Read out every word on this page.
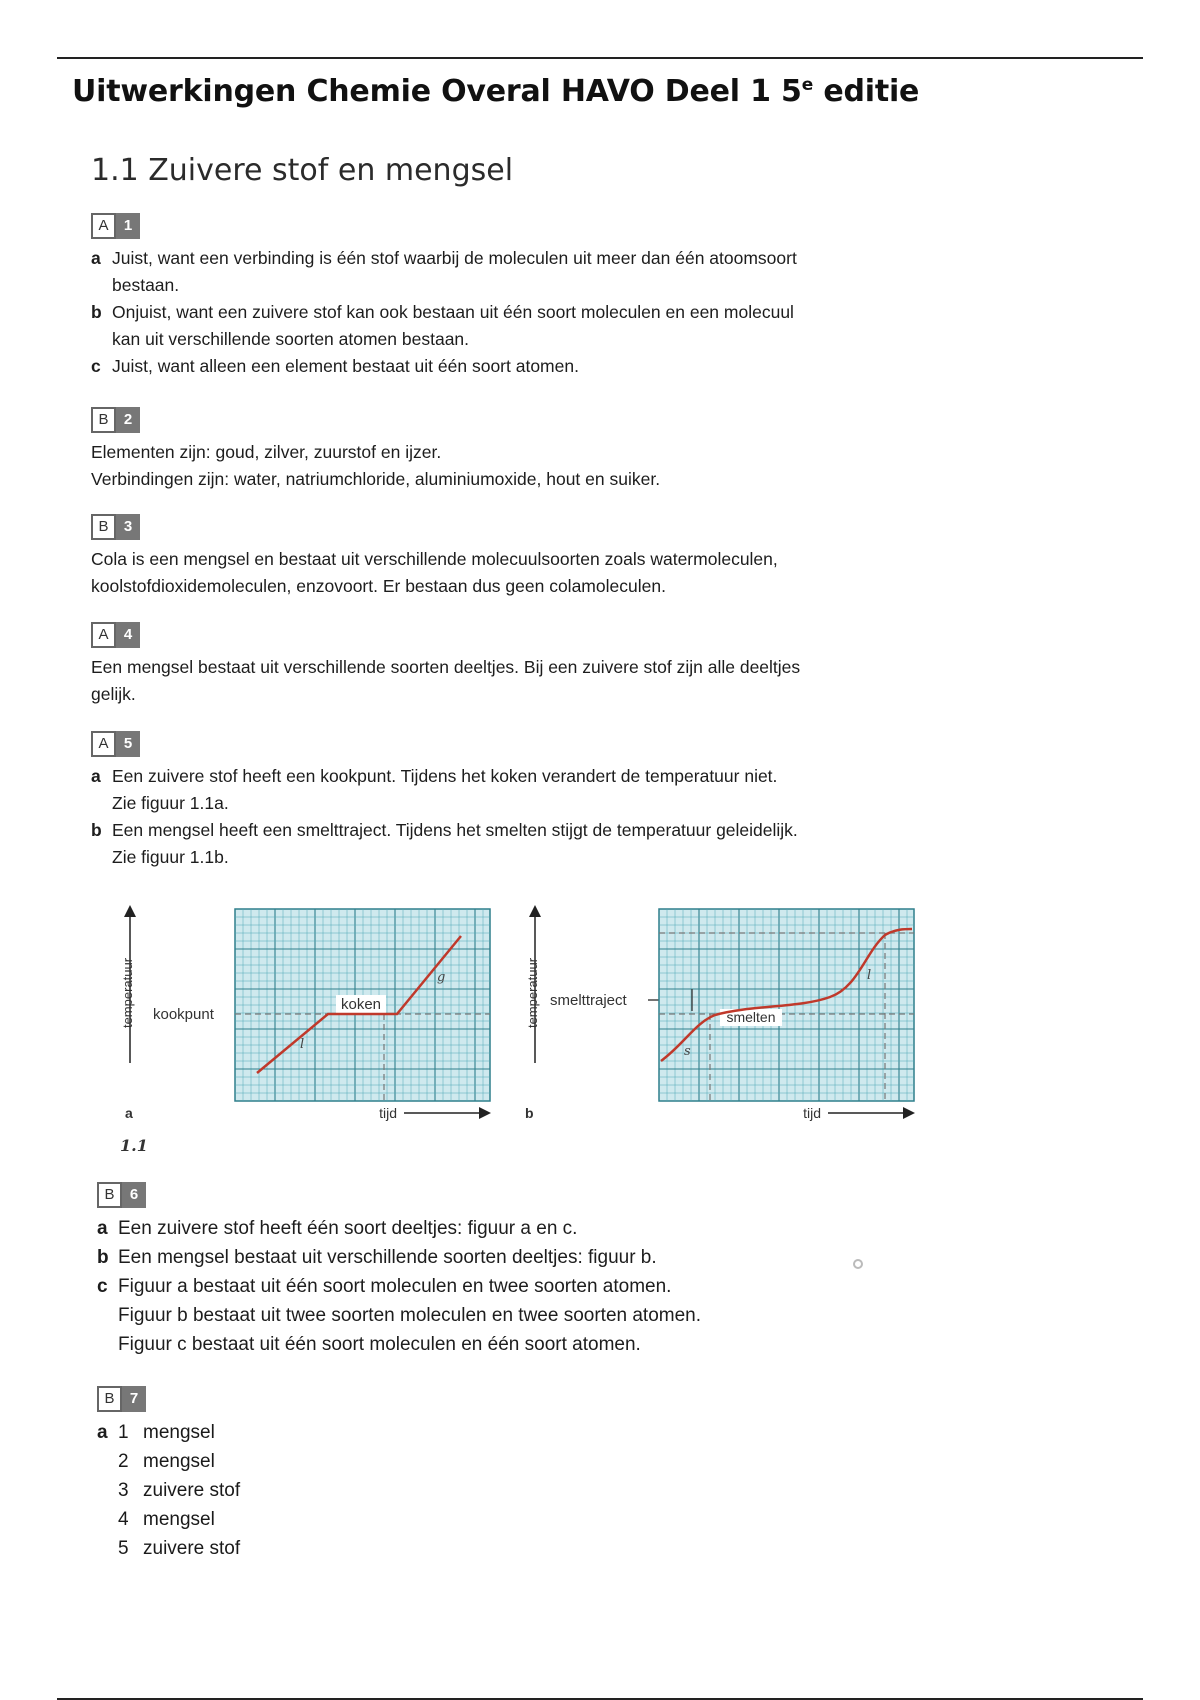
Uitwerkingen Chemie Overal HAVO Deel 1 5e editie
1.1 Zuivere stof en mengsel
A	1
a Juist, want een verbinding is één stof waarbij de moleculen uit meer dan één atoomsoort
bestaan.
b Onjuist, want een zuivere stof kan ook bestaan uit één soort moleculen en een molecuul
kan uit verschillende soorten atomen bestaan.
c Juist, want alleen een element bestaat uit één soort atomen.
B	2
Elementen zijn: goud, zilver, zuurstof en ijzer.
Verbindingen zijn: water, natriumchloride, aluminiumoxide, hout en suiker.
B	3
Cola is een mengsel en bestaat uit verschillende molecuulsoorten zoals watermoleculen,
koolstofdioxidemoleculen, enzovoort. Er bestaan dus geen colamoleculen.
A	4
Een mengsel bestaat uit verschillende soorten deeltjes. Bij een zuivere stof zijn alle deeltjes
gelijk.
A	5
a Een zuivere stof heeft een kookpunt. Tijdens het koken verandert de temperatuur niet.
Zie figuur 1.1a.
b Een mengsel heeft een smelttraject. Tijdens het smelten stijgt de temperatuur geleidelijk.
Zie figuur 1.1b.
temperatuur kookpunt
koken
l
g
tijd
a
temperatuur smelttraject
smelten
s
l
tijd
b
1.1
B	6
a Een zuivere stof heeft één soort deeltjes: figuur a en c.
b Een mengsel bestaat uit verschillende soorten deeltjes: figuur b.
c Figuur a bestaat uit één soort moleculen en twee soorten atomen.
Figuur b bestaat uit twee soorten moleculen en twee soorten atomen.
Figuur c bestaat uit één soort moleculen en één soort atomen.
B	7
a 1 mengsel
2 mengsel
3 zuivere stof
4 mengsel
5 zuivere stof
